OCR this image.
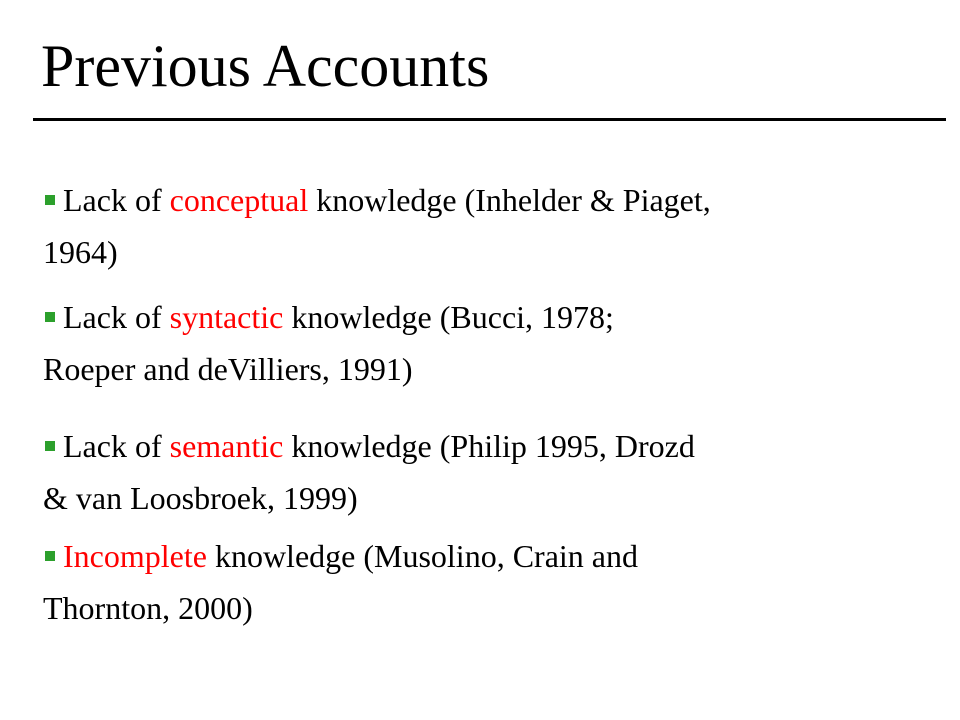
Previous Accounts
Lack of conceptual knowledge (Inhelder & Piaget,
1964)
Lack of syntactic knowledge (Bucci, 1978;
Roeper and deVilliers, 1991)
Lack of semantic knowledge (Philip 1995, Drozd
& van Loosbroek, 1999)
Incomplete knowledge (Musolino, Crain and
Thornton, 2000)
